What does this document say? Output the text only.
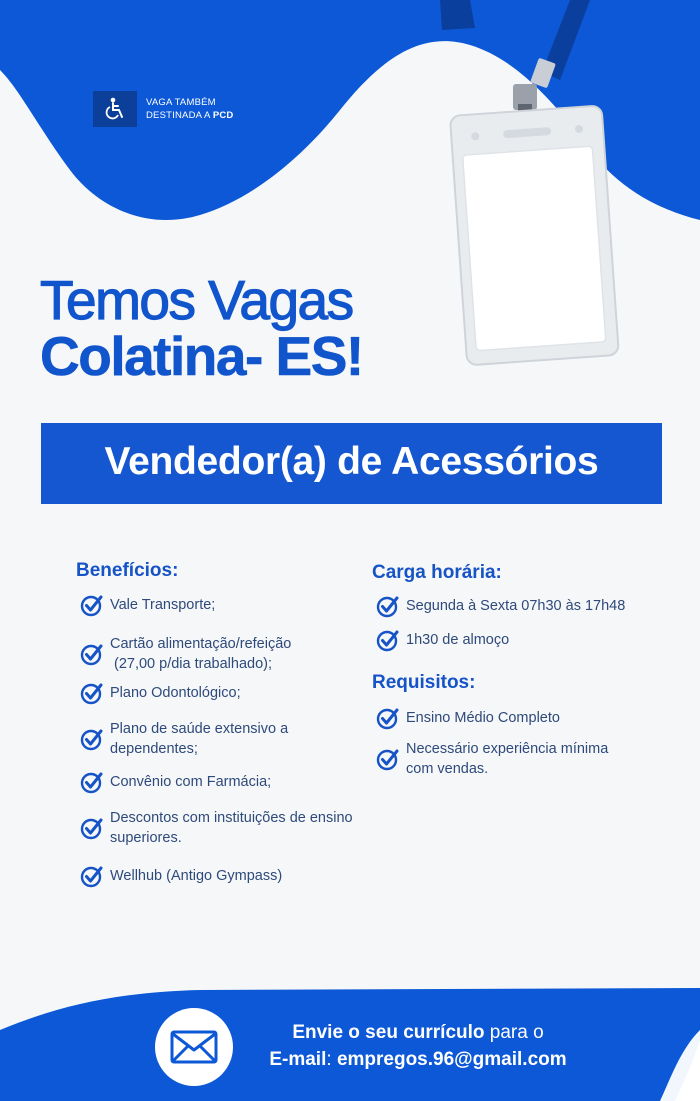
VAGA TAMBÉM
DESTINADA A PCD
Temos Vagas
Colatina- ES!
Vendedor(a) de Acessórios
Benefícios:
Vale Transporte;
Cartão alimentação/refeição
(27,00 p/dia trabalhado);
Plano Odontológico;
Plano de saúde extensivo a
dependentes;
Convênio com Farmácia;
Descontos com instituições de ensino
superiores.
Wellhub (Antigo Gympass)
Carga horária:
Segunda à Sexta 07h30 às 17h48
1h30 de almoço
Requisitos:
Ensino Médio Completo
Necessário experiência mínima
com vendas.
Envie o seu currículo para o
E-mail: empregos.96@gmail.com
